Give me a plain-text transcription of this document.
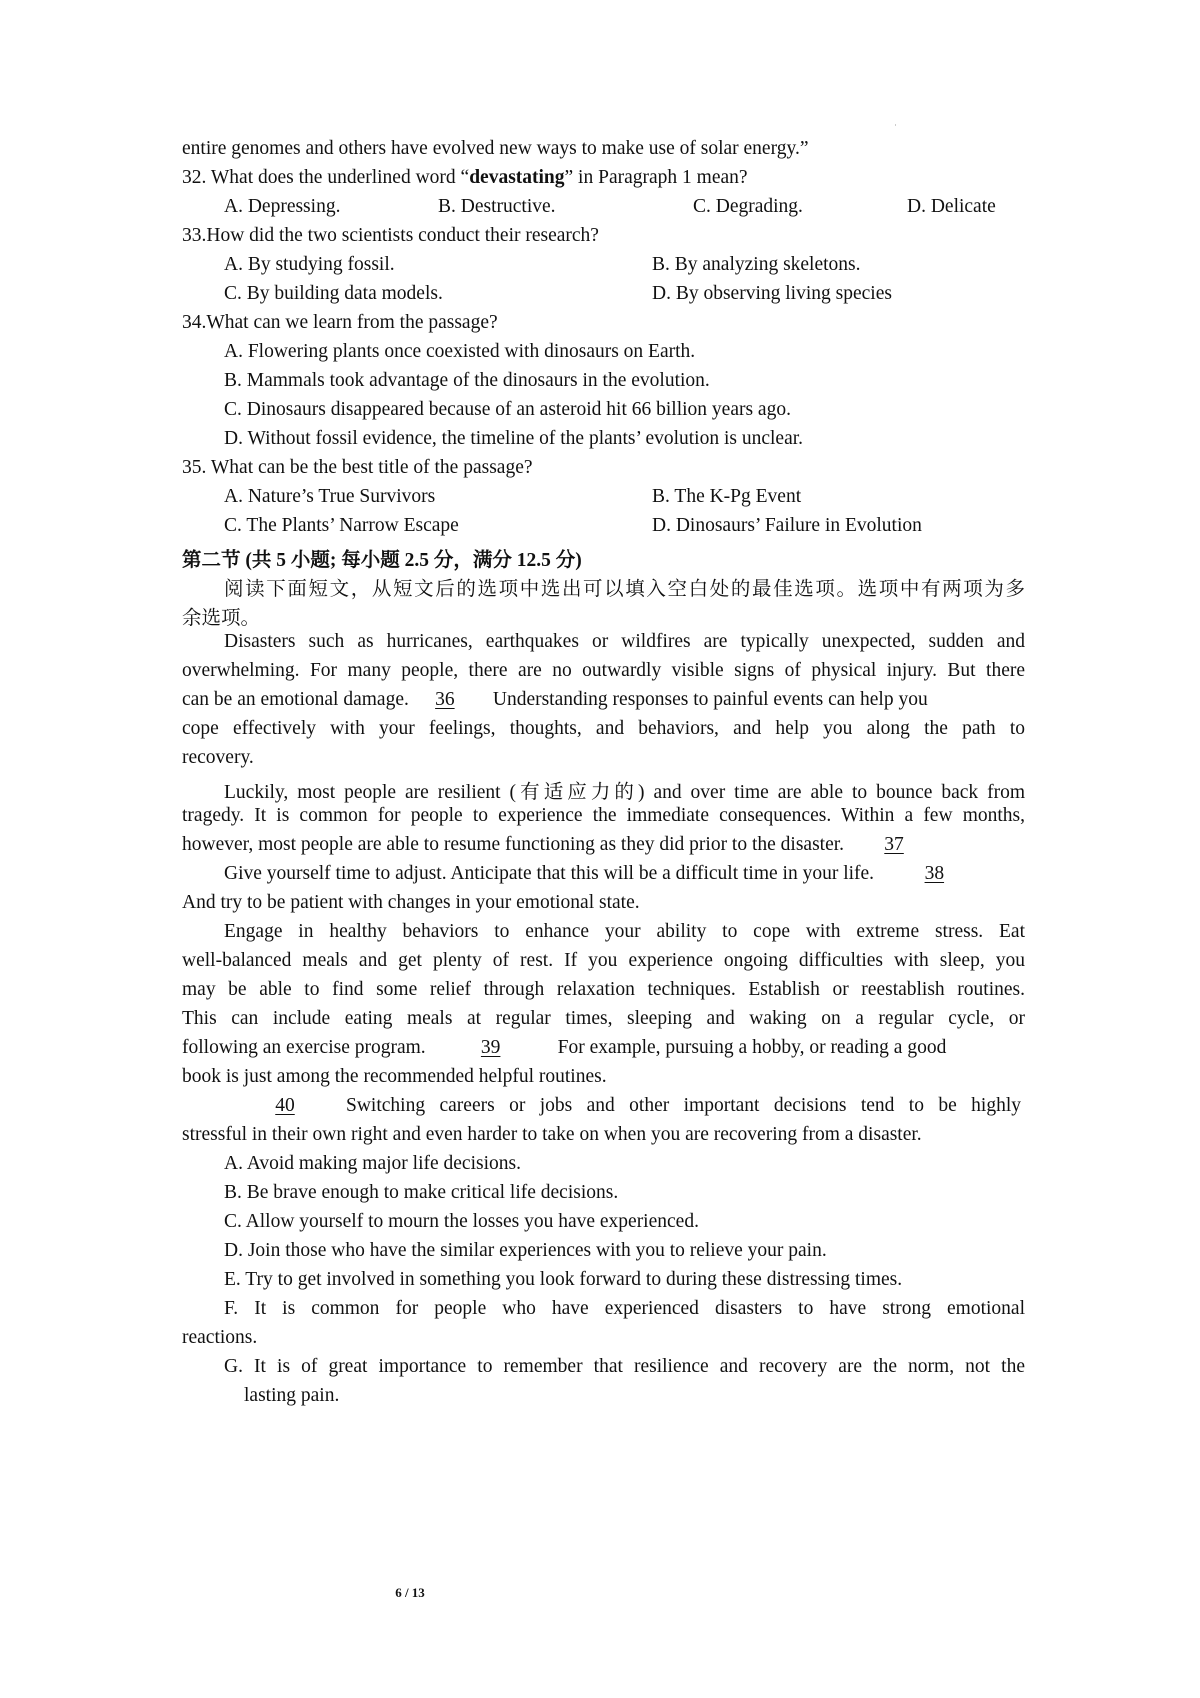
˙
entire genomes and others have evolved new ways to make use of solar energy.”
32. What does the underlined word “devastating” in Paragraph 1 mean?
A. Depressing.	B. Destructive.	C. Degrading.	D. Delicate
33.How did the two scientists conduct their research?
A. By studying fossil.	B. By analyzing skeletons.
C. By building data models.	D. By observing living species
34.What can we learn from the passage?
A. Flowering plants once coexisted with dinosaurs on Earth.
B. Mammals took advantage of the dinosaurs in the evolution.
C. Dinosaurs disappeared because of an asteroid hit 66 billion years ago.
D. Without fossil evidence, the timeline of the plants’ evolution is unclear.
35. What can be the best title of the passage?
A. Nature’s True Survivors	B. The K-Pg Event
C. The Plants’ Narrow Escape	D. Dinosaurs’ Failure in Evolution
第二节 (共 5 小题; 每小题 2.5 分，满分 12.5 分)
阅读下面短文，从短文后的选项中选出可以填入空白处的最佳选项。选项中有两项为多
余选项。
Disasters such as hurricanes, earthquakes or wildfires are typically unexpected, sudden and
overwhelming. For many people, there are no outwardly visible signs of physical injury. But there
can be an emotional damage. 36 Understanding responses to painful events can help you
cope effectively with your feelings, thoughts, and behaviors, and help you along the path to
recovery.
Luckily, most people are resilient (有适应力的) and over time are able to bounce back from
tragedy. It is common for people to experience the immediate consequences. Within a few months,
however, most people are able to resume functioning as they did prior to the disaster. 37
Give yourself time to adjust. Anticipate that this will be a difficult time in your life.	38
And try to be patient with changes in your emotional state.
Engage in healthy behaviors to enhance your ability to cope with extreme stress. Eat
well-balanced meals and get plenty of rest. If you experience ongoing difficulties with sleep, you
may be able to find some relief through relaxation techniques. Establish or reestablish routines.
This can include eating meals at regular times, sleeping and waking on a regular cycle, or
following an exercise program.	39	For example, pursuing a hobby, or reading a good
book is just among the recommended helpful routines.
40	Switching careers or jobs and other important decisions tend to be highly
stressful in their own right and even harder to take on when you are recovering from a disaster.
A. Avoid making major life decisions.
B. Be brave enough to make critical life decisions.
C. Allow yourself to mourn the losses you have experienced.
D. Join those who have the similar experiences with you to relieve your pain.
E. Try to get involved in something you look forward to during these distressing times.
F. It is common for people who have experienced disasters to have strong emotional
reactions.
G. It is of great importance to remember that resilience and recovery are the norm, not the
lasting pain.
6 / 13
